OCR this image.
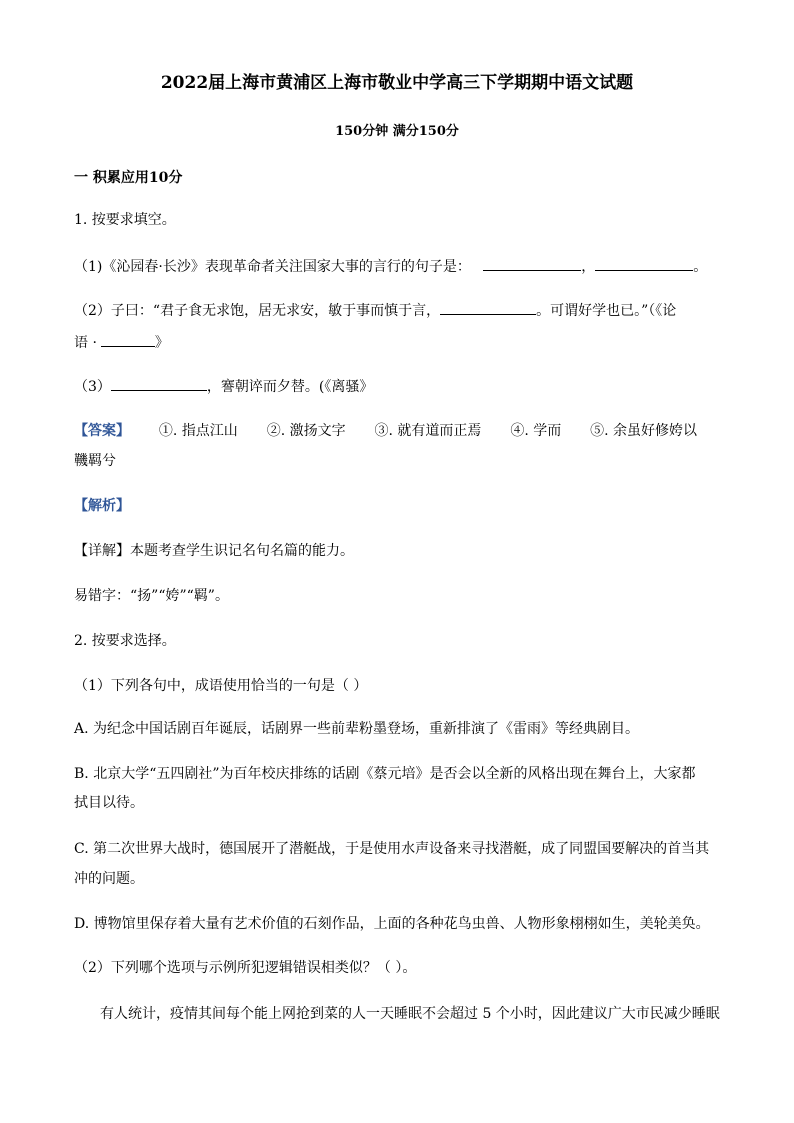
2022届上海市黄浦区上海市敬业中学高三下学期期中语文试题
150分钟 满分150分
一 积累应用10分
1. 按要求填空。
（1)《沁园春·长沙》表现革命者关注国家大事的言行的句子是：	，	。
（2）子曰：“君子食无求饱，居无求安，敏于事而慎于言，	。可谓好学也已。”（《论
语 ·	》
（3）	，謇朝谇而夕替。(《离骚》
【答案】 ①. 指点江山 ②. 激扬文字 ③. 就有道而正焉 ④. 学而 ⑤. 余虽好修姱以
鞿羁兮
【解析】
【详解】本题考查学生识记名句名篇的能力。
易错字：“扬”“姱”“羁”。
2. 按要求选择。
（1）下列各句中，成语使用恰当的一句是（ ）
A. 为纪念中国话剧百年诞辰，话剧界一些前辈粉墨登场，重新排演了《雷雨》等经典剧目。
B. 北京大学“五四剧社”为百年校庆排练的话剧《蔡元培》是否会以全新的风格出现在舞台上，大家都
拭目以待。
C. 第二次世界大战时，德国展开了潜艇战，于是使用水声设备来寻找潜艇，成了同盟国要解决的首当其
冲的问题。
D. 博物馆里保存着大量有艺术价值的石刻作品，上面的各种花鸟虫兽、人物形象栩栩如生，美轮美奂。
（2）下列哪个选项与示例所犯逻辑错误相类似？（ ）。
有人统计，疫情其间每个能上网抢到菜的人一天睡眠不会超过 5 个小时，因此建议广大市民减少睡眠
